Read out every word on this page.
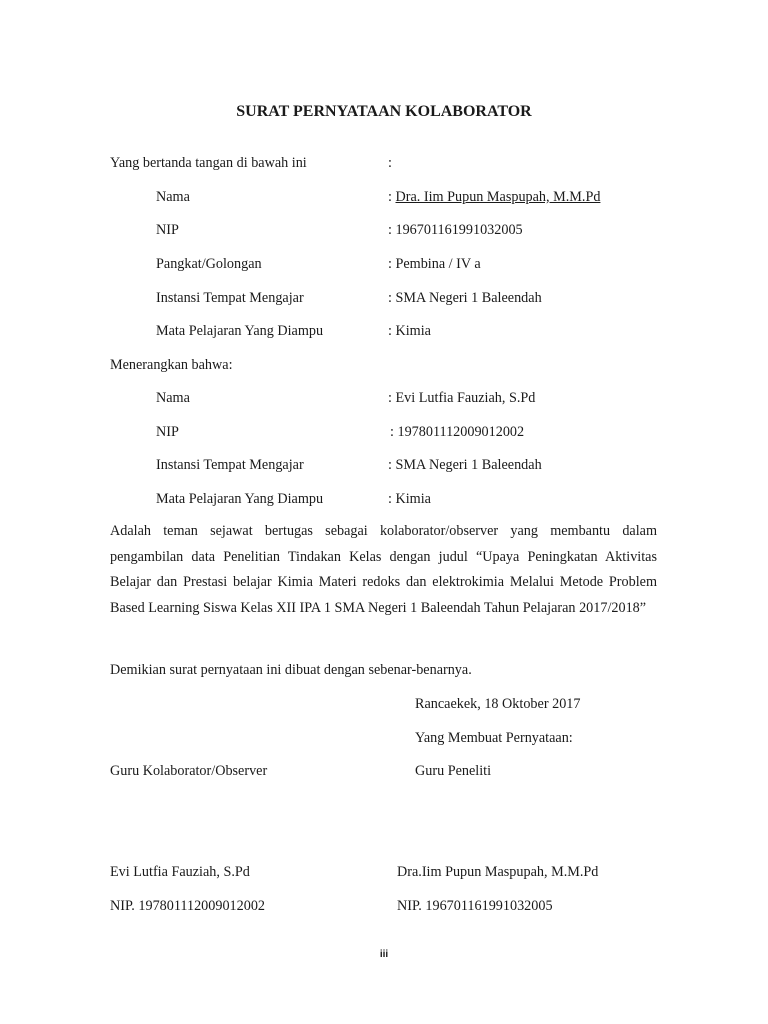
SURAT PERNYATAAN KOLABORATOR
Yang bertanda tangan di bawah ini	:
Nama	: Dra. Iim Pupun Maspupah, M.M.Pd
NIP	: 196701161991032005
Pangkat/Golongan	: Pembina / IV a
Instansi Tempat Mengajar	: SMA Negeri 1 Baleendah
Mata Pelajaran Yang Diampu	: Kimia
Menerangkan bahwa:
Nama	: Evi Lutfia Fauziah, S.Pd
NIP	: 197801112009012002
Instansi Tempat Mengajar	: SMA Negeri 1 Baleendah
Mata Pelajaran Yang Diampu	: Kimia
Adalah teman sejawat bertugas sebagai kolaborator/observer yang membantu dalam pengambilan data Penelitian Tindakan Kelas dengan judul “Upaya Peningkatan Aktivitas Belajar dan Prestasi belajar Kimia Materi redoks dan elektrokimia Melalui Metode Problem Based Learning Siswa Kelas XII IPA 1 SMA Negeri 1 Baleendah Tahun Pelajaran 2017/2018”
Demikian surat pernyataan ini dibuat dengan sebenar-benarnya.
Rancaekek, 18 Oktober 2017
Yang Membuat Pernyataan:
Guru Kolaborator/Observer	Guru Peneliti
Evi Lutfia Fauziah, S.Pd	Dra.Iim Pupun Maspupah, M.M.Pd
NIP. 197801112009012002	NIP. 196701161991032005
iii
